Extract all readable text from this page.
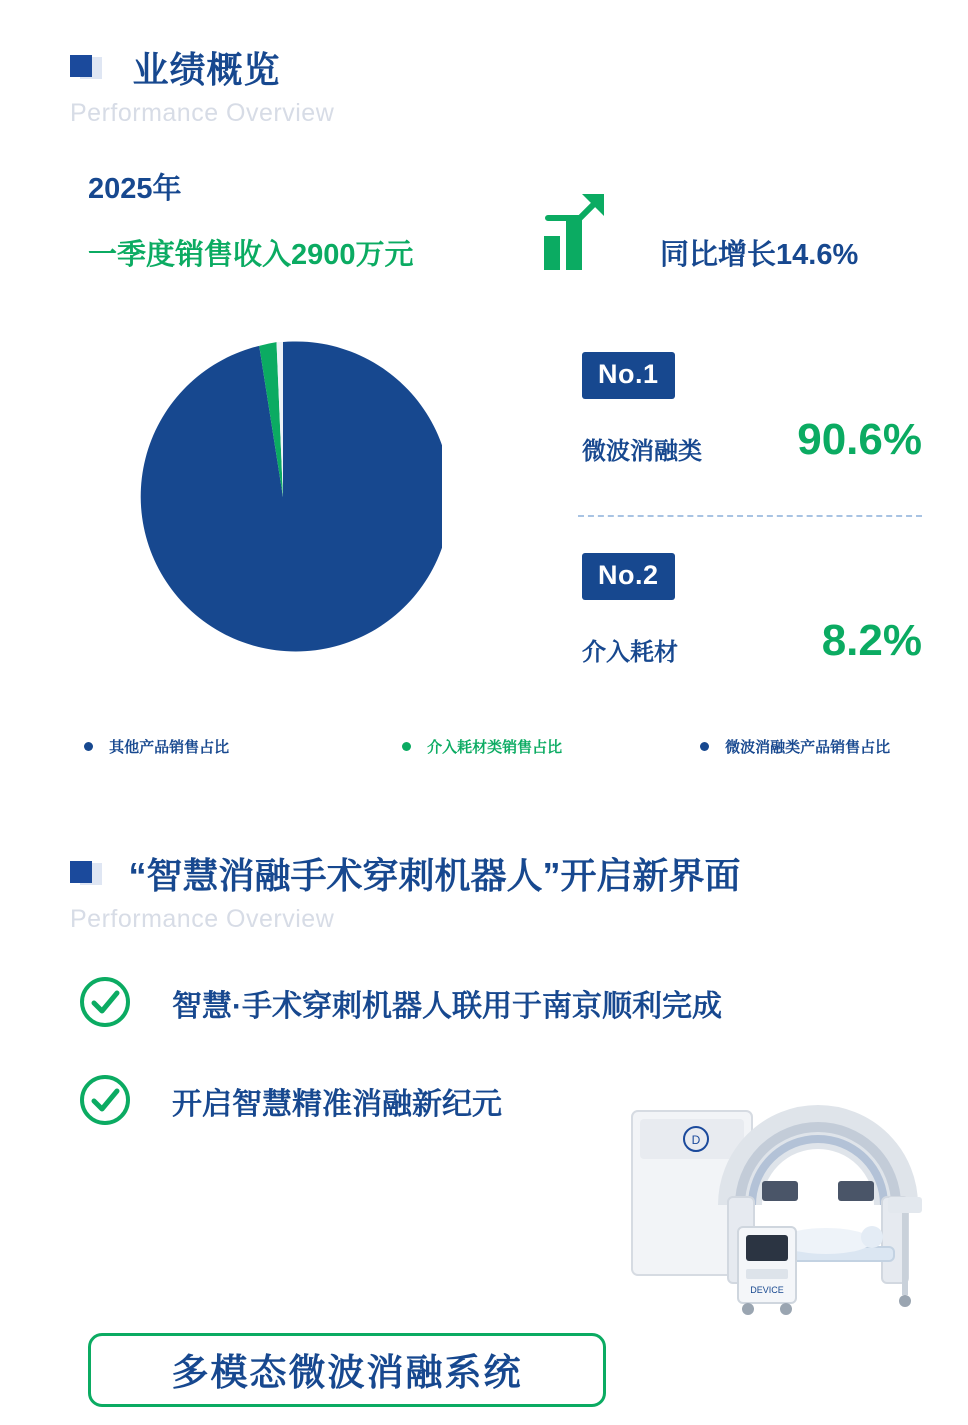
业绩概览
Performance Overview
2025年
一季度销售收入2900万元	同比增长14.6%
No.1
微波消融类 90.6%
No.2
介入耗材	8.2%
其他产品销售占比	介入耗材类销售占比	微波消融类产品销售占比
“智慧消融手术穿刺机器人”开启新界面
Performance Overview
智慧·手术穿刺机器人联用于南京顺利完成
开启智慧精准消融新纪元
DEVICE
D
多模态微波消融系统
